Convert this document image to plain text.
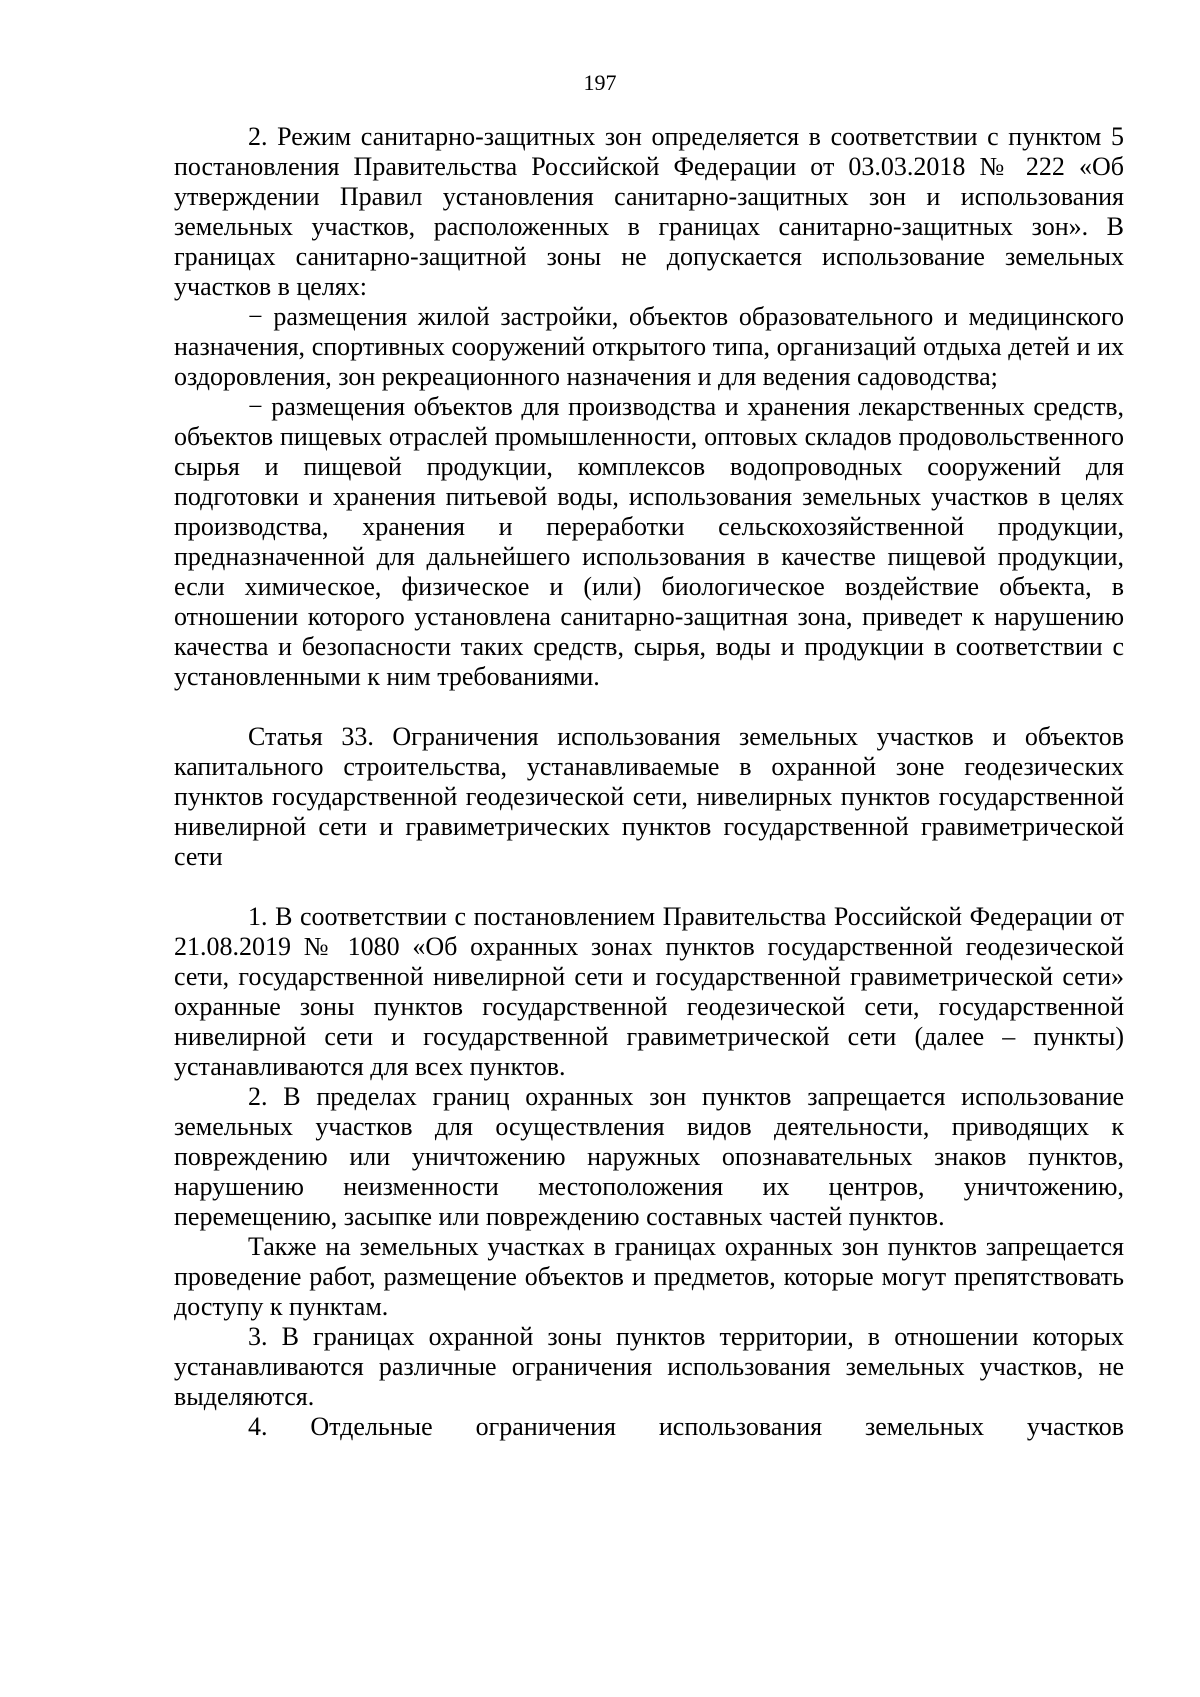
197

2. Режим санитарно-защитных зон определяется в соответствии с пунктом 5 постановления Правительства Российской Федерации от 03.03.2018 № 222 «Об утверждении Правил установления санитарно-защитных зон и использования земельных участков, расположенных в границах санитарно-защитных зон». В границах санитарно-защитной зоны не допускается использование земельных участков в целях:

− размещения жилой застройки, объектов образовательного и медицинского назначения, спортивных сооружений открытого типа, организаций отдыха детей и их оздоровления, зон рекреационного назначения и для ведения садоводства;

− размещения объектов для производства и хранения лекарственных средств, объектов пищевых отраслей промышленности, оптовых складов продовольственного сырья и пищевой продукции, комплексов водопроводных сооружений для подготовки и хранения питьевой воды, использования земельных участков в целях производства, хранения и переработки сельскохозяйственной продукции, предназначенной для дальнейшего использования в качестве пищевой продукции, если химическое, физическое и (или) биологическое воздействие объекта, в отношении которого установлена санитарно-защитная зона, приведет к нарушению качества и безопасности таких средств, сырья, воды и продукции в соответствии с установленными к ним требованиями.

Статья 33. Ограничения использования земельных участков и объектов капитального строительства, устанавливаемые в охранной зоне геодезических пунктов государственной геодезической сети, нивелирных пунктов государственной нивелирной сети и гравиметрических пунктов государственной гравиметрической сети

1. В соответствии с постановлением Правительства Российской Федерации от 21.08.2019 № 1080 «Об охранных зонах пунктов государственной геодезической сети, государственной нивелирной сети и государственной гравиметрической сети» охранные зоны пунктов государственной геодезической сети, государственной нивелирной сети и государственной гравиметрической сети (далее – пункты) устанавливаются для всех пунктов.

2. В пределах границ охранных зон пунктов запрещается использование земельных участков для осуществления видов деятельности, приводящих к повреждению или уничтожению наружных опознавательных знаков пунктов, нарушению неизменности местоположения их центров, уничтожению, перемещению, засыпке или повреждению составных частей пунктов.

Также на земельных участках в границах охранных зон пунктов запрещается проведение работ, размещение объектов и предметов, которые могут препятствовать доступу к пунктам.

3. В границах охранной зоны пунктов территории, в отношении которых устанавливаются различные ограничения использования земельных участков, не выделяются.

4. Отдельные ограничения использования земельных участков
